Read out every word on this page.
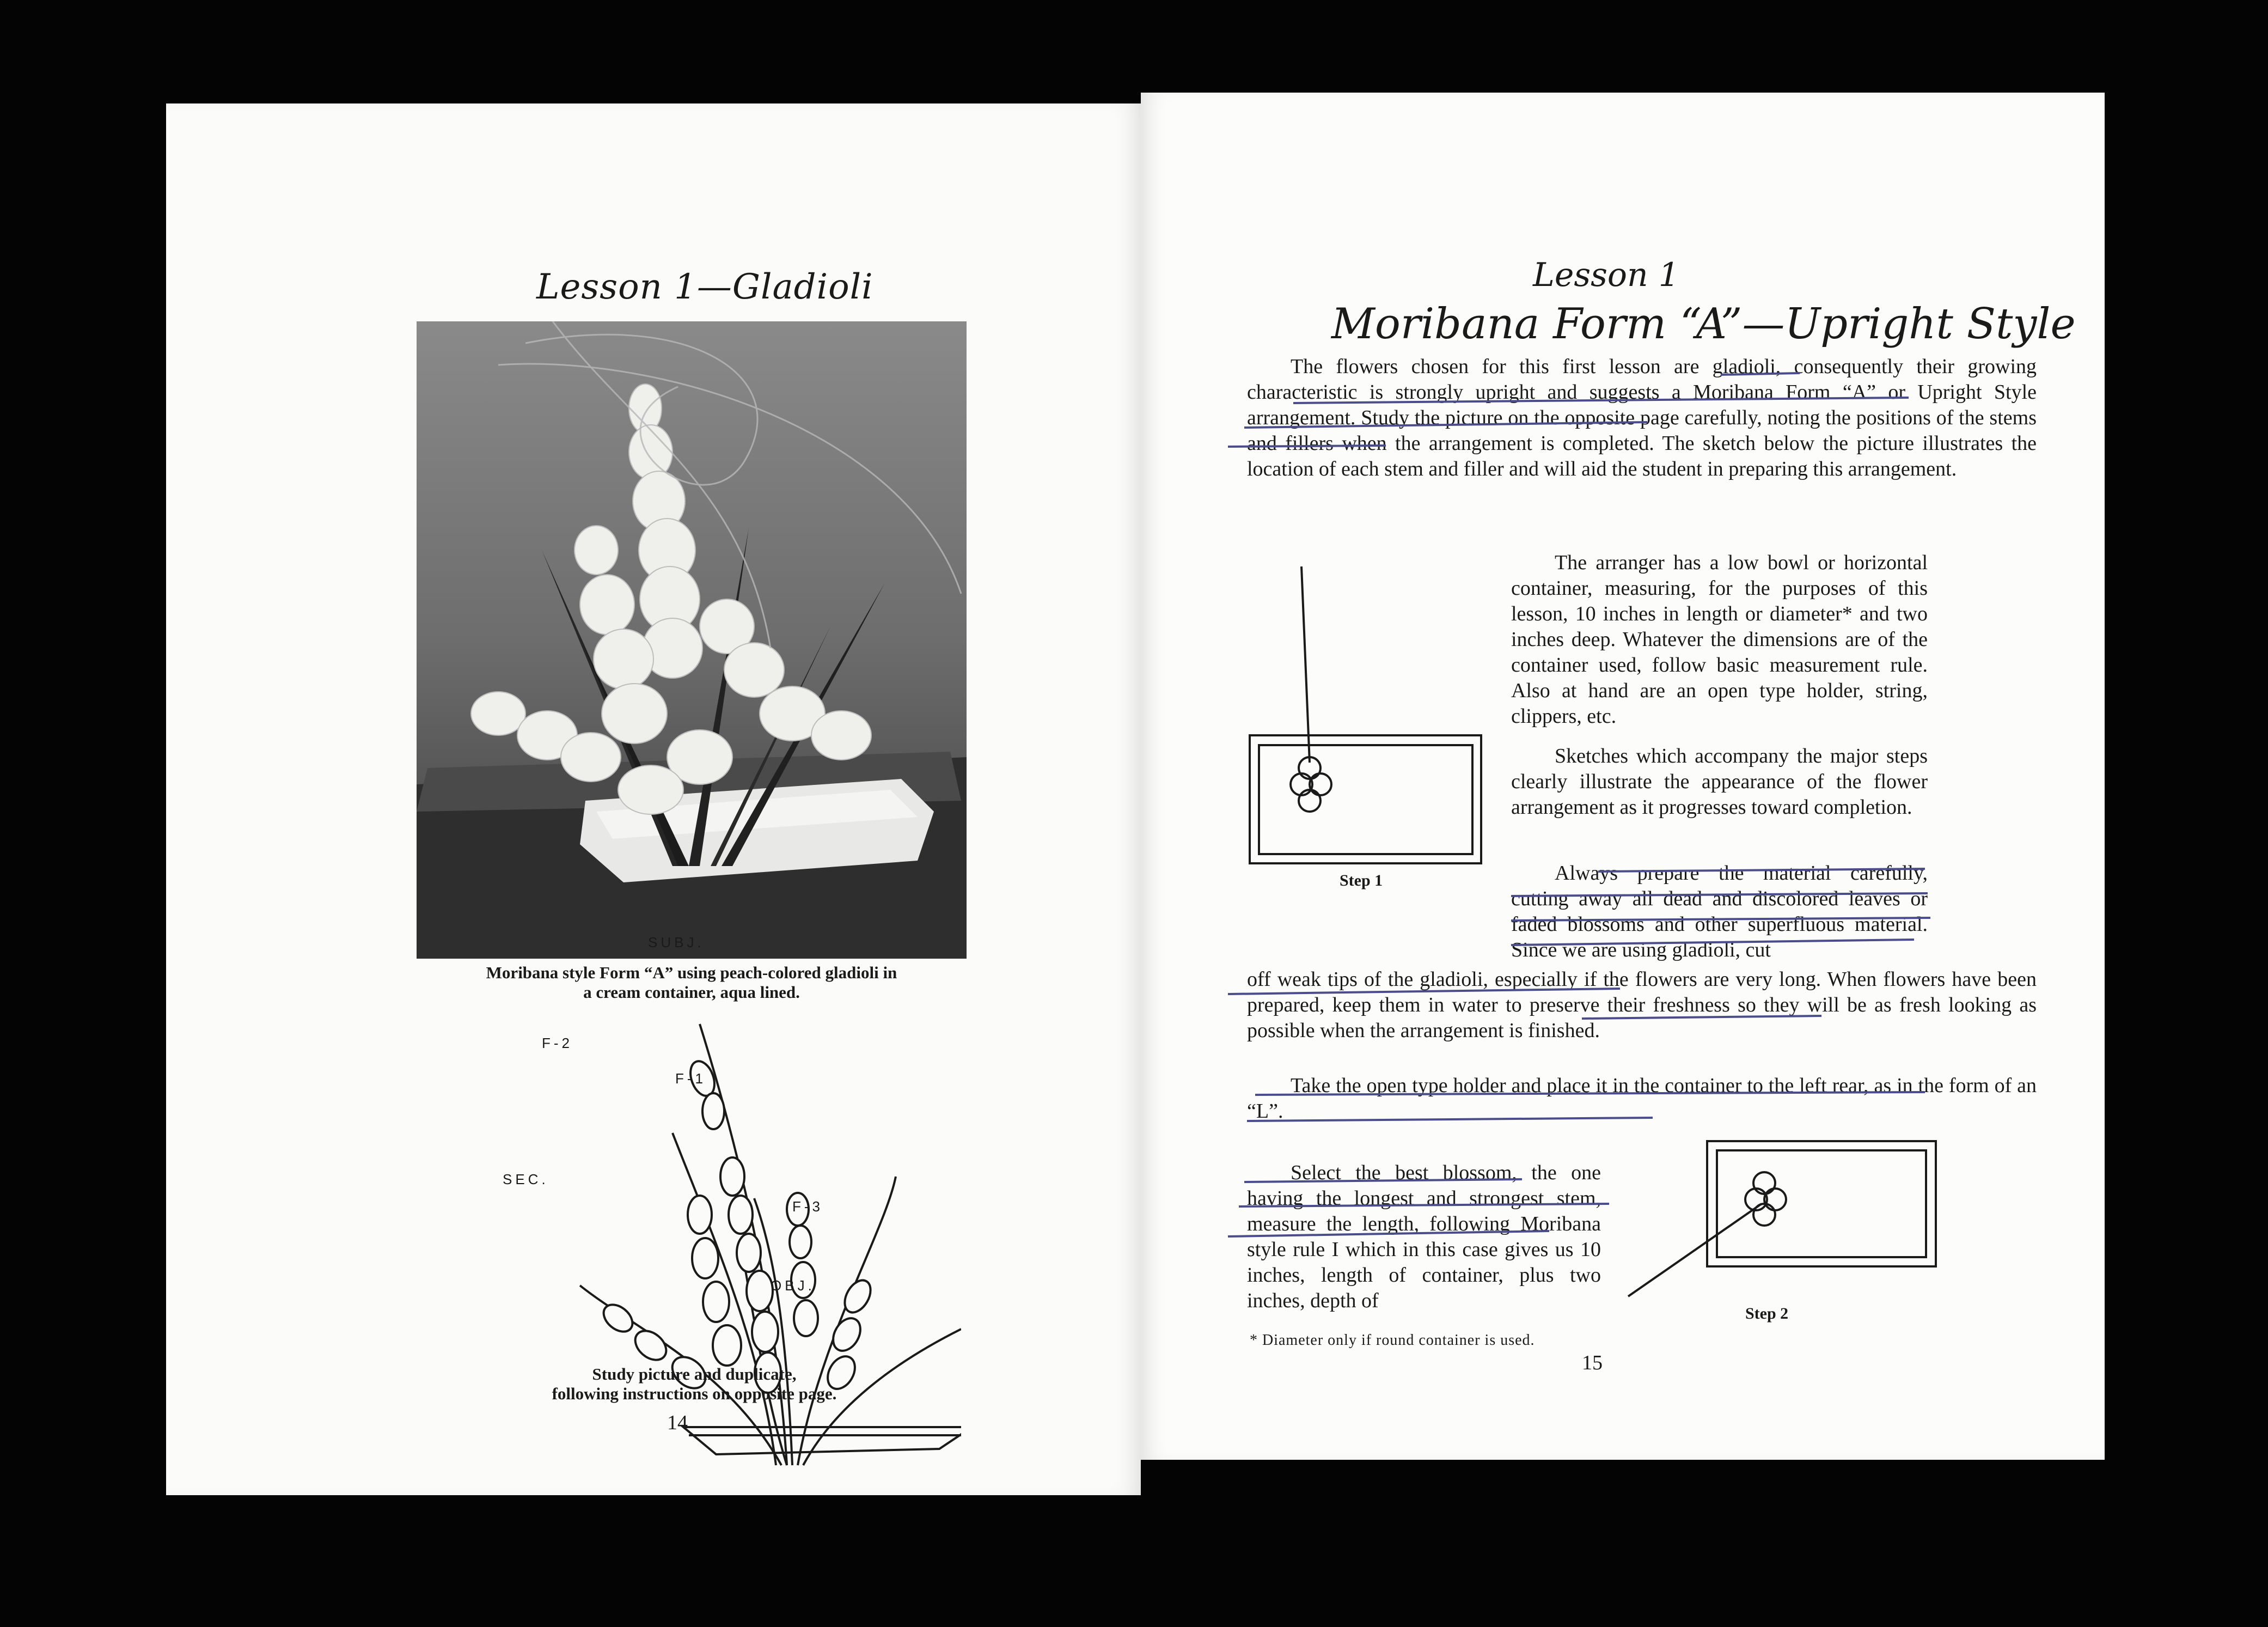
Lesson 1—Gladioli
Moribana style Form “A” using peach-colored gladioli in
a cream container, aqua lined.
SUBJ.
F-2
F-1
SEC.
F-3
OBJ.
Study picture and duplicate,
following instructions on opposite page.
14
Lesson 1
Moribana Form “A”—Upright Style

The flowers chosen for this first lesson are gladioli, consequently their growing characteristic is strongly upright and suggests a Moribana Form “A” or Upright Style arrangement. Study the picture on the opposite page carefully, noting the positions of the stems and fillers when the arrangement is completed. The sketch below the picture illustrates the location of each stem and filler and will aid the student in preparing this arrangement.

Step 1

The arranger has a low bowl or horizontal container, measuring, for the purposes of this lesson, 10 inches in length or diameter* and two inches deep. Whatever the dimensions are of the container used, follow basic measurement rule. Also at hand are an open type holder, string, clippers, etc.

Sketches which accompany the major steps clearly illustrate the appearance of the flower arrangement as it progresses toward completion.

Always prepare the material carefully, cutting away all dead and discolored leaves or faded blossoms and other superfluous material. Since we are using gladioli, cut

off weak tips of the gladioli, especially if the flowers are very long. When flowers have been prepared, keep them in water to preserve their freshness so they will be as fresh looking as possible when the arrangement is finished.

Take the open type holder and place it in the container to the left rear, as in the form of an “L”.

Select the best blossom, the one having the longest and strongest stem, measure the length, following Moribana style rule I which in this case gives us 10 inches, length of container, plus two inches, depth of

Step 2
* Diameter only if round container is used.
15
